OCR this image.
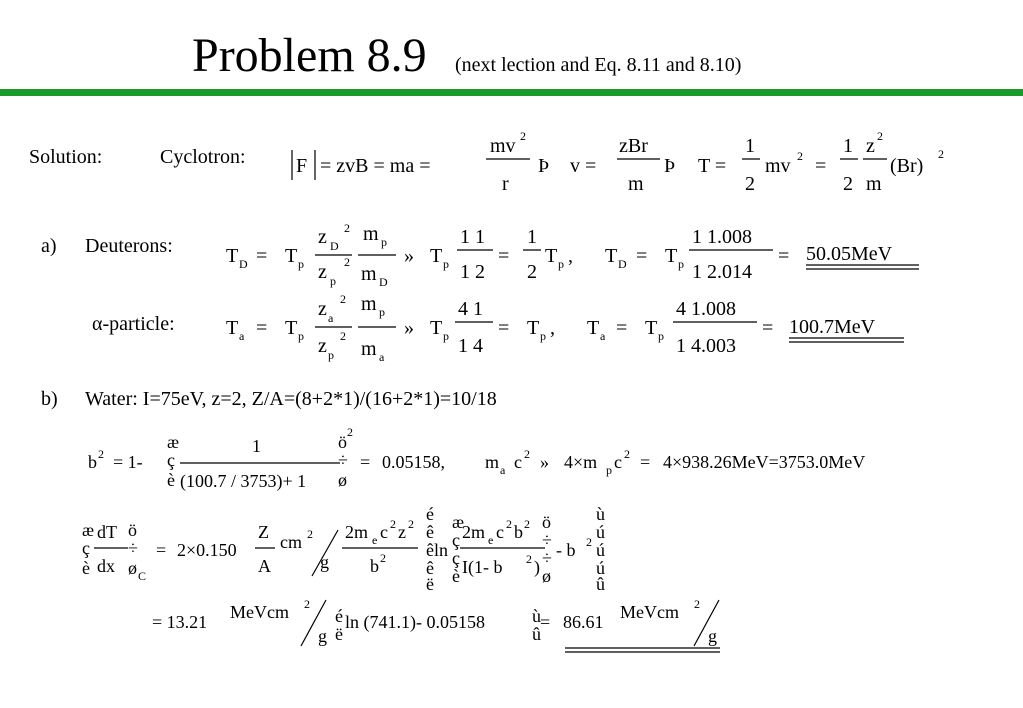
Problem 8.9 (next lection and Eq. 8.11 and 8.10)
Solution:	Cyclotron:	F = zvB = ma =
mv 2
r
Þ v =
zBr
m
Þ T =
1
2
mv 2 =
1
2
z 2
m
(Br)
2
a) Deuterons:	T D = T p
z D
2
z p
2
m p
m D
» T p
1 1
1 2
=
1
2
T p , T D = T p
1 1.008
1 2.014
= 50.05MeV
α-particle:	T a = T p
z a
2
z p
2
m p
m a
» T p
4 1
1 4
= T p , T a = T p
4 1.008
1 4.003
= 100.7MeV
b) Water: I=75eV, z=2, Z/A=(8+2*1)/(16+2*1)=10/18
b 2 = 1-
æ
ç
è
1
(100.7 / 3753)+ 1
ö
÷
ø
2
= 0.05158, m a c 2 » 4×m p c 2 = 4×938.26MeV=3753.0MeV
æ
ç
è
dT
dx
ö
÷
ø C
= 2×0.150
Z
A
cm 2
g
2m e c 2 z 2
b 2
é
ê
ê
ê
ë
ln
æ
ç
ç
è
2m e c 2 b 2
I(1- b 2 )
ö
÷
÷
ø
- b 2
ù
ú
ú
ú
û
= 13.21 MeVcm 2
g
é
ë
ln (741.1)- 0.05158	ù
û
= 86.61 MeVcm 2
g
